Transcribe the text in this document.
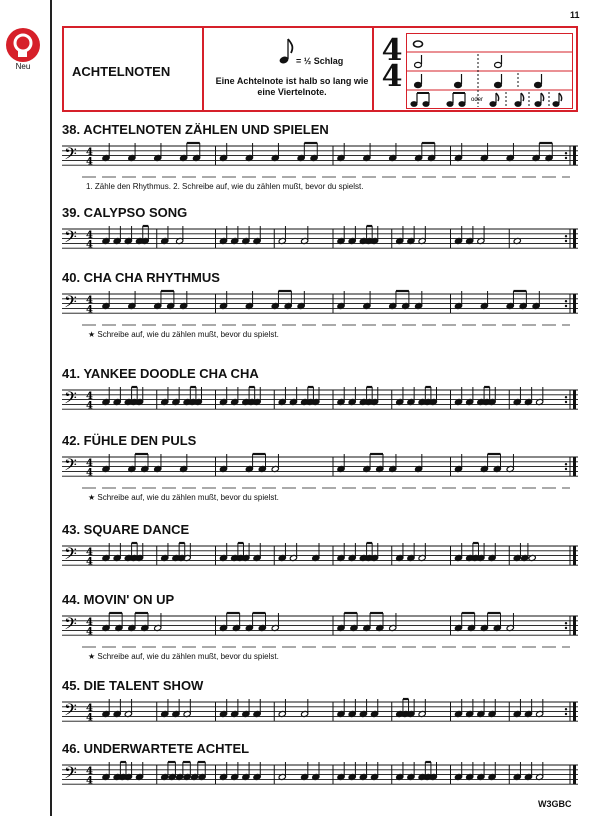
Neu
11
W3GBC
ACHTELNOTEN
= ½ Schlag
Eine Achtelnote ist halb so lang wie eine Viertelnote.
4
4
oder
38. ACHTELNOTEN ZÄHLEN UND SPIELEN
𝄢 4
4
1. Zähle den Rhythmus. 2. Schreibe auf, wie du zählen mußt, bevor du spielst.
39. CALYPSO SONG
𝄢 4
4
40. CHA CHA RHYTHMUS
𝄢 4
4
★ Schreibe auf, wie du zählen mußt, bevor du spielst.
41. YANKEE DOODLE CHA CHA
𝄢 4
4
42. FÜHLE DEN PULS
𝄢 4
4
★ Schreibe auf, wie du zählen mußt, bevor du spielst.
43. SQUARE DANCE
𝄢 4
4
44. MOVIN' ON UP
𝄢 4
4
★ Schreibe auf, wie du zählen mußt, bevor du spielst.
45. DIE TALENT SHOW
𝄢 4
4
46. UNDERWARTETE ACHTEL
𝄢 4
4
